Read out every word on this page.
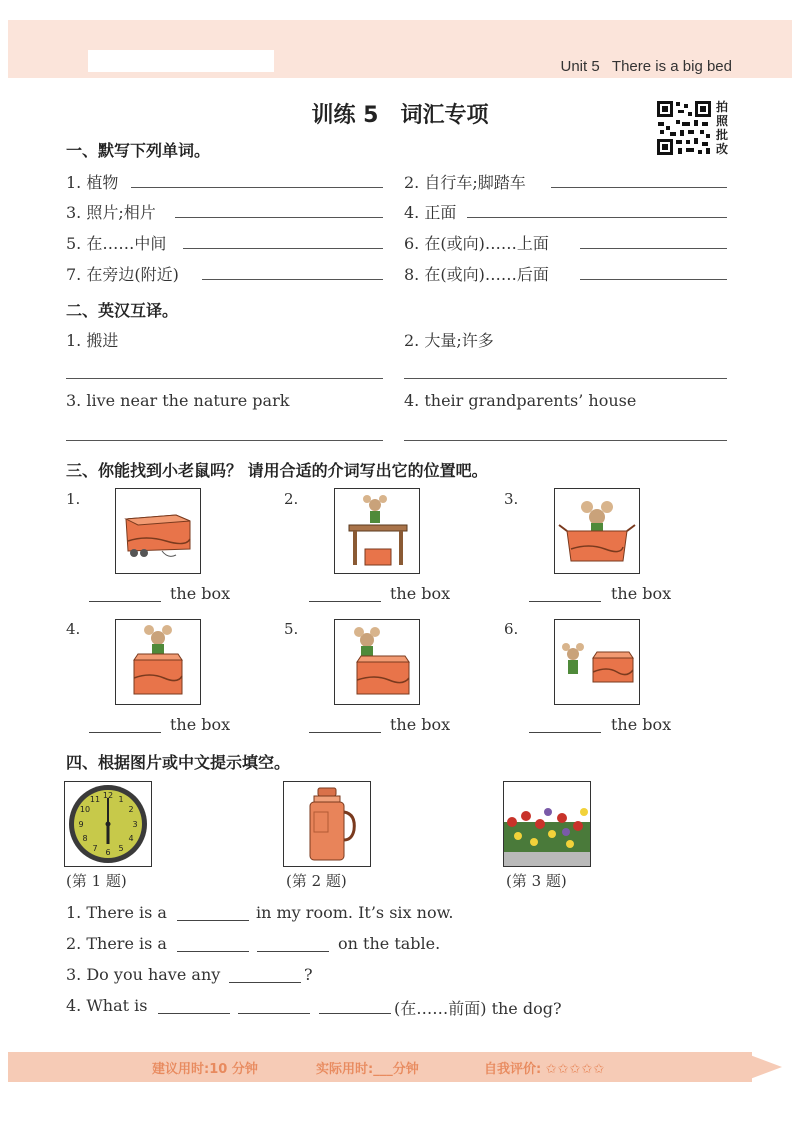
Unit 5 There is a big bed
训练 5　词汇专项	拍
照
批
改
一、默写下列单词。
1. 植物	2. 自行车;脚踏车
3. 照片;相片	4. 正面
5. 在……中间	6. 在(或向)……上面
7. 在旁边(附近)	8. 在(或向)……后面
二、英汉互译。
1. 搬进	2. 大量;许多
3. live near the nature park	4. their grandparents’ house
三、你能找到小老鼠吗？ 请用合适的介词写出它的位置吧。
1.
the box
2.
the box
3.
the box
4.
the box
5.
the box
6.
the box
四、根据图片或中文提示填空。
12 1
2
3
4
5
6
7
8
9
10
11
(第 1 题)	(第 2 题)	(第 3 题)
1. There is a	in my room. It’s six now.
2. There is a	on the table.
3. Do you have any	?
4. What is	(在……前面) the dog?
建议用时:10 分钟	实际用时:___分钟	自我评价: ✩✩✩✩✩
